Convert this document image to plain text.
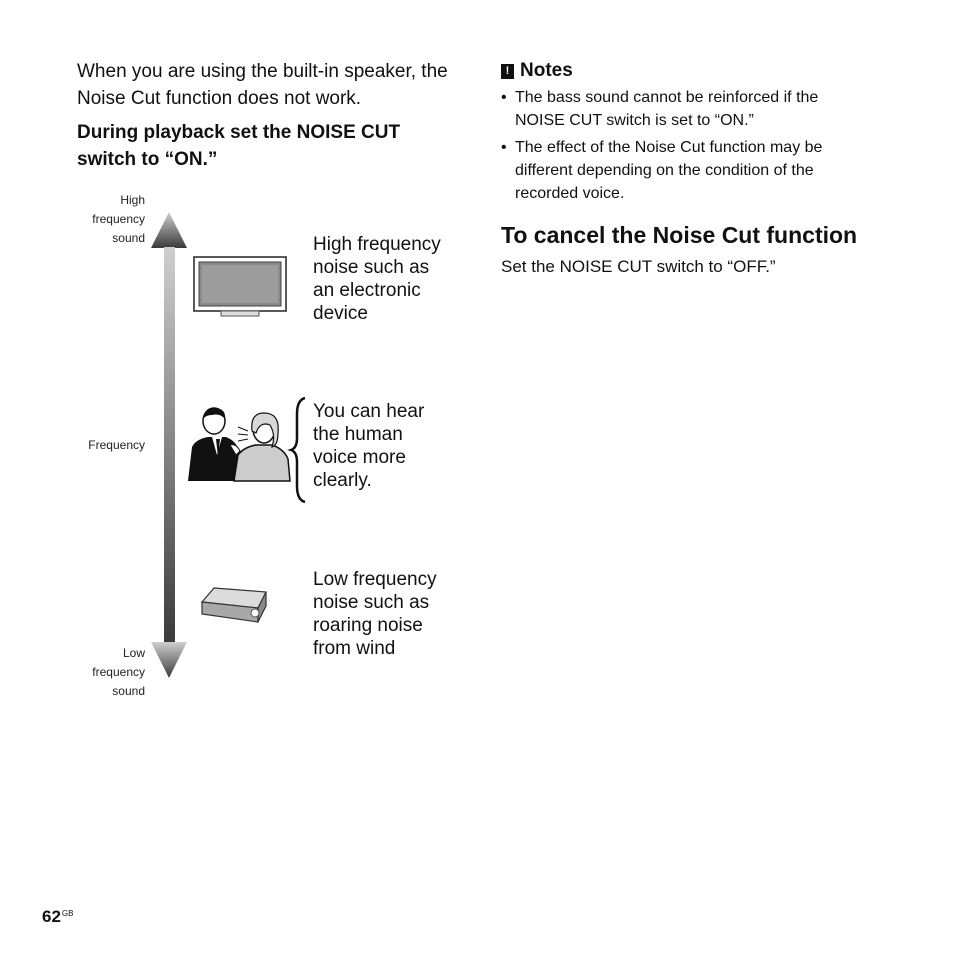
When you are using the built-in speaker, the Noise Cut function does not work.
During playback set the NOISE CUT switch to “ON.”
High
frequency
sound
Frequency
Low
frequency
sound
High frequency
noise such as
an electronic
device
You can hear
the human
voice more
clearly.
Low frequency
noise such as
roaring noise
from wind
! Notes
• The bass sound cannot be reinforced if the
NOISE CUT switch is set to “ON.”
• The effect of the Noise Cut function may be
different depending on the condition of the
recorded voice.
To cancel the Noise Cut function
Set the NOISE CUT switch to “OFF.”
$62^{GB}$
